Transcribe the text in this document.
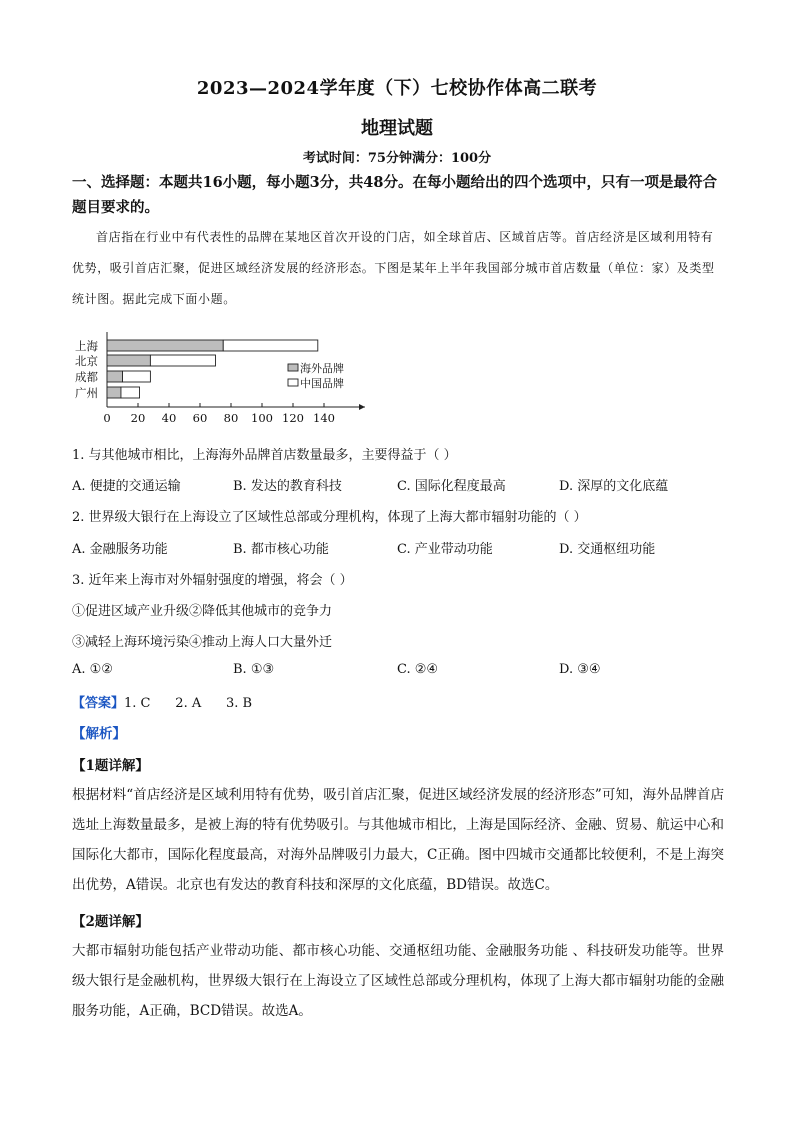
2023—2024学年度（下）七校协作体高二联考
地理试题
考试时间：75分钟满分：100分
一、选择题：本题共16小题，每小题3分，共48分。在每小题给出的四个选项中，只有一项是最符合题目要求的。
首店指在行业中有代表性的品牌在某地区首次开设的门店，如全球首店、区域首店等。首店经济是区域利用特有优势，吸引首店汇聚，促进区域经济发展的经济形态。下图是某年上半年我国部分城市首店数量（单位：家）及类型统计图。据此完成下面小题。
0 20 40 60 80 100 120 140
上海
北京
成都
广州
海外品牌
中国品牌
1. 与其他城市相比，上海海外品牌首店数量最多，主要得益于（ ）
A. 便捷的交通运输	B. 发达的教育科技	C. 国际化程度最高	D. 深厚的文化底蕴
2. 世界级大银行在上海设立了区域性总部或分理机构，体现了上海大都市辐射功能的（ ）
A. 金融服务功能	B. 都市核心功能	C. 产业带动功能	D. 交通枢纽功能
3. 近年来上海市对外辐射强度的增强，将会（ ）
①促进区域产业升级②降低其他城市的竞争力
③减轻上海环境污染④推动上海人口大量外迁
A. ①②	B. ①③	C. ②④	D. ③④
【答案】1. C      2. A      3. B
【解析】
【1题详解】
根据材料“首店经济是区域利用特有优势，吸引首店汇聚，促进区域经济发展的经济形态”可知，海外品牌首店选址上海数量最多，是被上海的特有优势吸引。与其他城市相比，上海是国际经济、金融、贸易、航运中心和国际化大都市，国际化程度最高，对海外品牌吸引力最大，C正确。图中四城市交通都比较便利，不是上海突出优势，A错误。北京也有发达的教育科技和深厚的文化底蕴，BD错误。故选C。
【2题详解】
大都市辐射功能包括产业带动功能、都市核心功能、交通枢纽功能、金融服务功能 、科技研发功能等。世界级大银行是金融机构，世界级大银行在上海设立了区域性总部或分理机构，体现了上海大都市辐射功能的金融服务功能，A正确，BCD错误。故选A。
